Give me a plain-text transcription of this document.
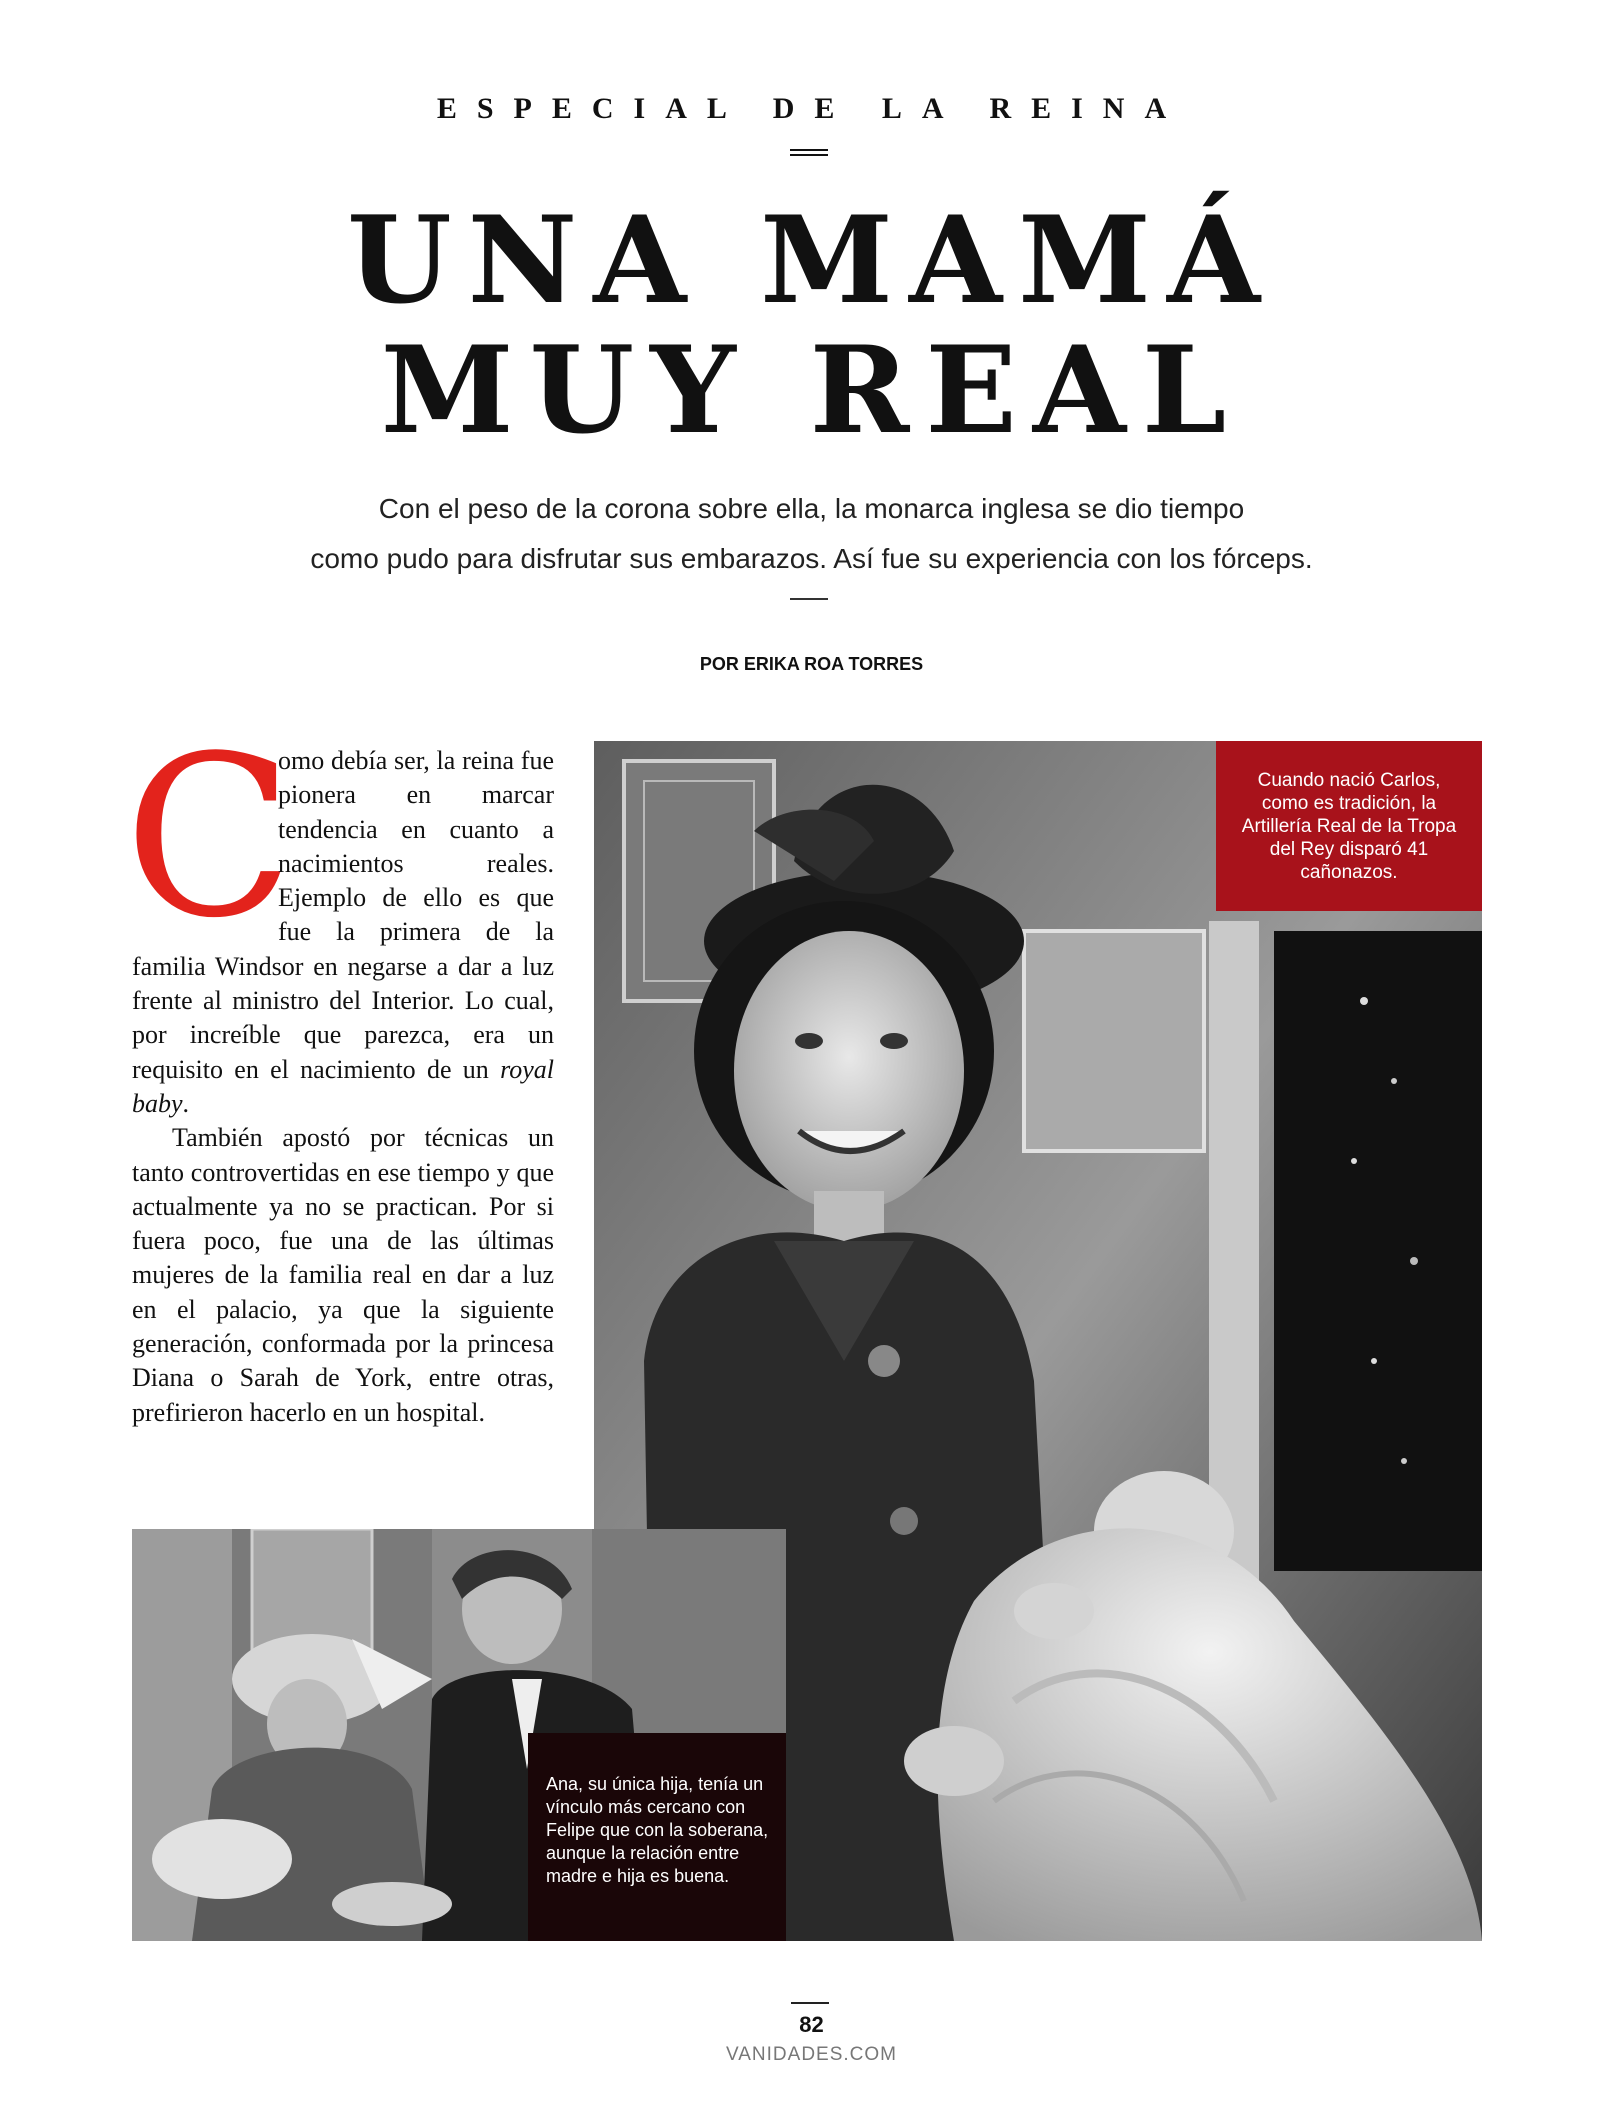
ESPECIAL DE LA REINA
UNA MAMÁ
MUY REAL
Con el peso de la corona sobre ella, la monarca inglesa se dio tiempo
como pudo para disfrutar sus embarazos. Así fue su experiencia con los fórceps.
POR ERIKA ROA TORRES

C
omo debía ser, la reina fue pionera en marcar tendencia en cuanto a nacimientos reales. Ejemplo de ello es que fue la primera de la familia Windsor en negarse a dar a luz frente al ministro del Interior. Lo cual, por increíble que parezca, era un requisito en el nacimiento de un royal baby.

También apostó por técnicas un tanto controvertidas en ese tiempo y que actualmente ya no se practican. Por si fuera poco, fue una de las últimas mujeres de la familia real en dar a luz en el palacio, ya que la siguiente generación, conformada por la princesa Diana o Sarah de York, entre otras, prefirieron hacerlo en un hospital.

Cuando nació Carlos, como es tradición, la Artillería Real de la Tropa del Rey disparó 41 cañonazos.
Ana, su única hija, tenía un vínculo más cercano con Felipe que con la soberana, aunque la relación entre madre e hija es buena.
82
VANIDADES.COM
